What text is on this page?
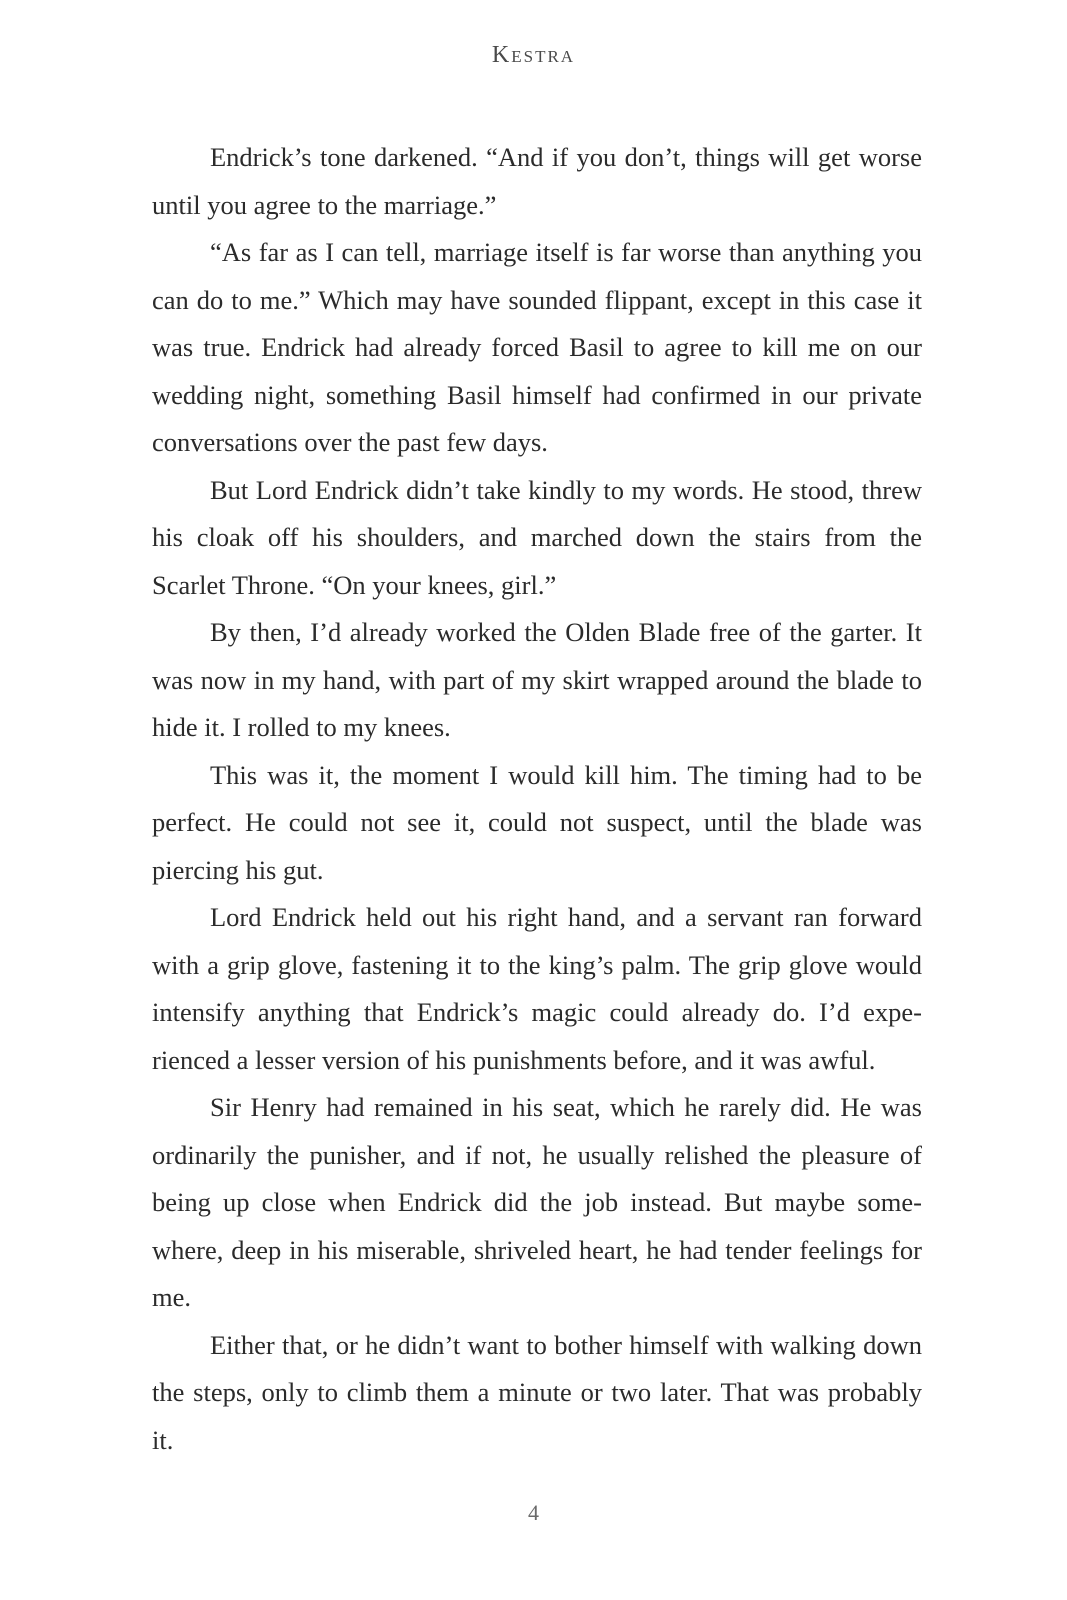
Kestra

Endrick’s tone darkened. “And if you don’t, things will get worse until you agree to the marriage.”

“As far as I can tell, marriage itself is far worse than anything you can do to me.” Which may have sounded flippant, except in this case it was true. Endrick had already forced Basil to agree to kill me on our wedding night, something Basil himself had confirmed in our private conversations over the past few days.

But Lord Endrick didn’t take kindly to my words. He stood, threw his cloak off his shoulders, and marched down the stairs from the Scarlet Throne. “On your knees, girl.”

By then, I’d already worked the Olden Blade free of the garter. It was now in my hand, with part of my skirt wrapped around the blade to hide it. I rolled to my knees.

This was it, the moment I would kill him. The timing had to be perfect. He could not see it, could not suspect, until the blade was piercing his gut.

Lord Endrick held out his right hand, and a servant ran forward with a grip glove, fastening it to the king’s palm. The grip glove would intensify anything that Endrick’s magic could already do. I’d experienced a lesser version of his punishments before, and it was awful.

Sir Henry had remained in his seat, which he rarely did. He was ordinarily the punisher, and if not, he usually relished the pleasure of being up close when Endrick did the job instead. But maybe somewhere, deep in his miserable, shriveled heart, he had tender feelings for me.

Either that, or he didn’t want to bother himself with walking down the steps, only to climb them a minute or two later. That was probably it.

4
